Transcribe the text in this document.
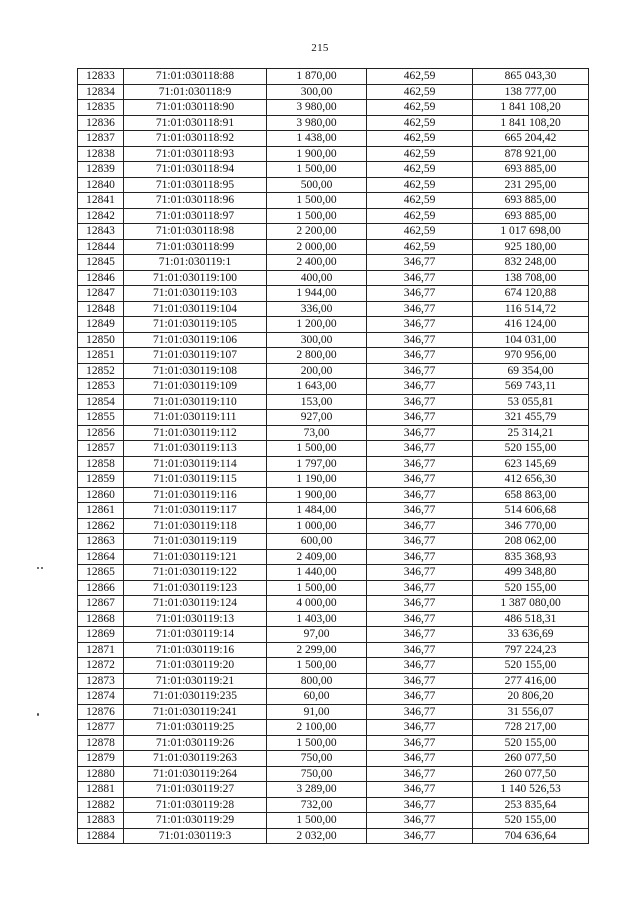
215
12833	71:01:030118:88	1 870,00	462,59	865 043,30
12834	71:01:030118:9	300,00	462,59	138 777,00
12835	71:01:030118:90	3 980,00	462,59	1 841 108,20
12836	71:01:030118:91	3 980,00	462,59	1 841 108,20
12837	71:01:030118:92	1 438,00	462,59	665 204,42
12838	71:01:030118:93	1 900,00	462,59	878 921,00
12839	71:01:030118:94	1 500,00	462,59	693 885,00
12840	71:01:030118:95	500,00	462,59	231 295,00
12841	71:01:030118:96	1 500,00	462,59	693 885,00
12842	71:01:030118:97	1 500,00	462,59	693 885,00
12843	71:01:030118:98	2 200,00	462,59	1 017 698,00
12844	71:01:030118:99	2 000,00	462,59	925 180,00
12845	71:01:030119:1	2 400,00	346,77	832 248,00
12846	71:01:030119:100	400,00	346,77	138 708,00
12847	71:01:030119:103	1 944,00	346,77	674 120,88
12848	71:01:030119:104	336,00	346,77	116 514,72
12849	71:01:030119:105	1 200,00	346,77	416 124,00
12850	71:01:030119:106	300,00	346,77	104 031,00
12851	71:01:030119:107	2 800,00	346,77	970 956,00
12852	71:01:030119:108	200,00	346,77	69 354,00
12853	71:01:030119:109	1 643,00	346,77	569 743,11
12854	71:01:030119:110	153,00	346,77	53 055,81
12855	71:01:030119:111	927,00	346,77	321 455,79
12856	71:01:030119:112	73,00	346,77	25 314,21
12857	71:01:030119:113	1 500,00	346,77	520 155,00
12858	71:01:030119:114	1 797,00	346,77	623 145,69
12859	71:01:030119:115	1 190,00	346,77	412 656,30
12860	71:01:030119:116	1 900,00	346,77	658 863,00
12861	71:01:030119:117	1 484,00	346,77	514 606,68
12862	71:01:030119:118	1 000,00	346,77	346 770,00
12863	71:01:030119:119	600,00	346,77	208 062,00
12864	71:01:030119:121	2 409,00	346,77	835 368,93
12865	71:01:030119:122	1 440,00	346,77	499 348,80
12866	71:01:030119:123	1 500,00	346,77	520 155,00
12867	71:01:030119:124	4 000,00	346,77	1 387 080,00
12868	71:01:030119:13	1 403,00	346,77	486 518,31
12869	71:01:030119:14	97,00	346,77	33 636,69
12871	71:01:030119:16	2 299,00	346,77	797 224,23
12872	71:01:030119:20	1 500,00	346,77	520 155,00
12873	71:01:030119:21	800,00	346,77	277 416,00
12874	71:01:030119:235	60,00	346,77	20 806,20
12876	71:01:030119:241	91,00	346,77	31 556,07
12877	71:01:030119:25	2 100,00	346,77	728 217,00
12878	71:01:030119:26	1 500,00	346,77	520 155,00
12879	71:01:030119:263	750,00	346,77	260 077,50
12880	71:01:030119:264	750,00	346,77	260 077,50
12881	71:01:030119:27	3 289,00	346,77	1 140 526,53
12882	71:01:030119:28	732,00	346,77	253 835,64
12883	71:01:030119:29	1 500,00	346,77	520 155,00
12884	71:01:030119:3	2 032,00	346,77	704 636,64
